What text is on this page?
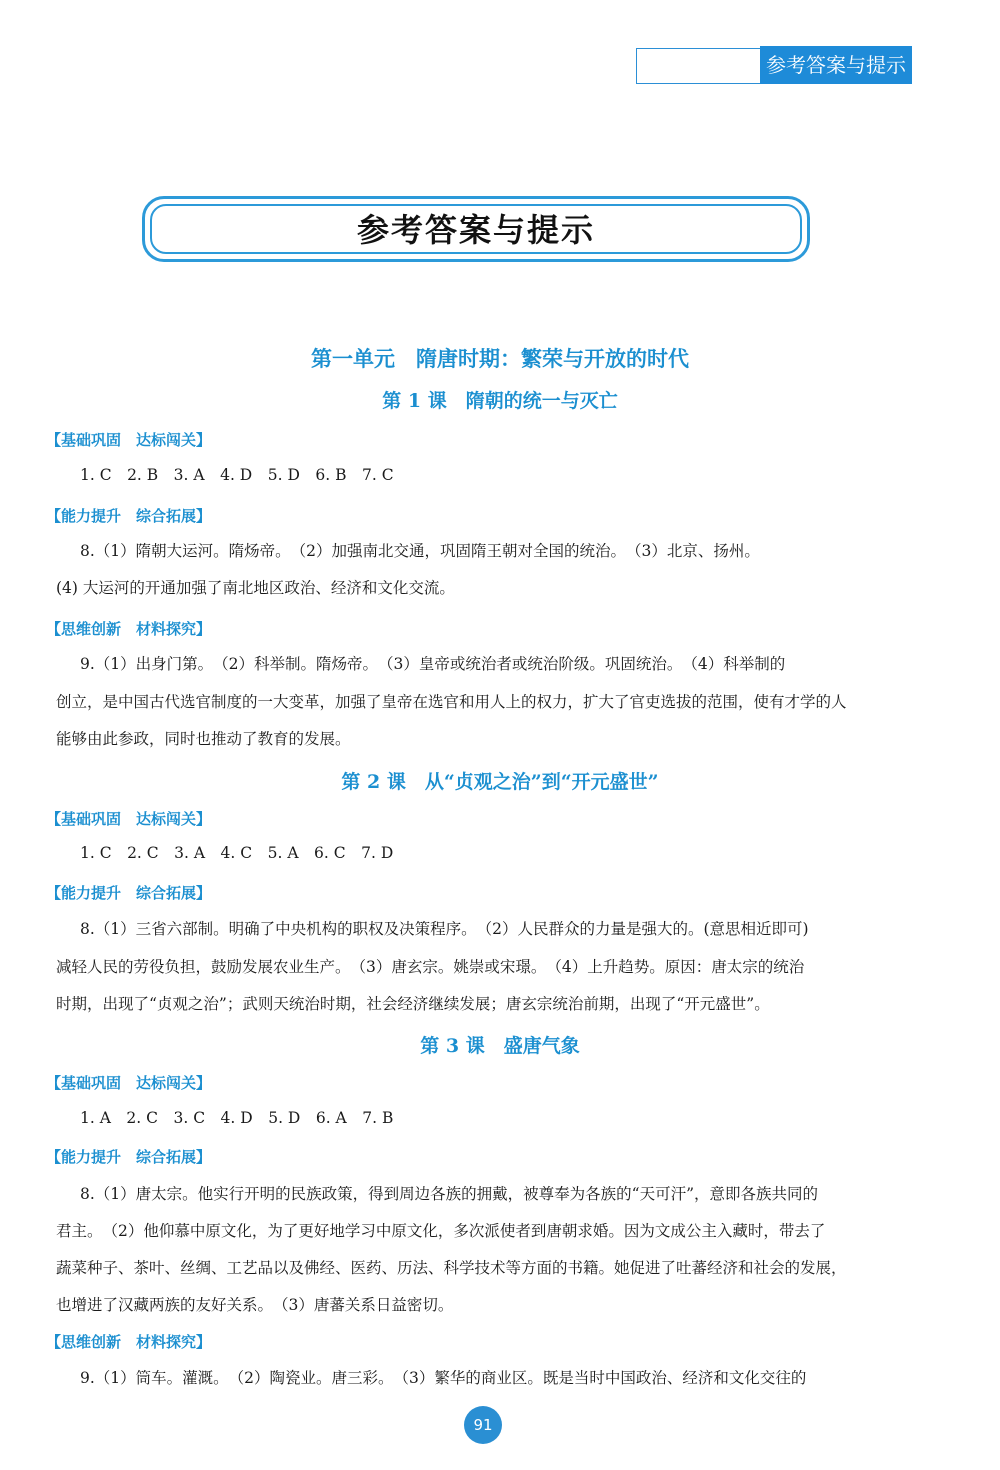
参考答案与提示
参考答案与提示
第一单元　隋唐时期：繁荣与开放的时代
第 1 课　隋朝的统一与灭亡
【基础巩固　达标闯关】
1. C　2. B　3. A　4. D　5. D　6. B　7. C
【能力提升　综合拓展】
8.（1）隋朝大运河。隋炀帝。　（2）加强南北交通，巩固隋王朝对全国的统治。　（3）北京、扬州。
(4) 大运河的开通加强了南北地区政治、经济和文化交流。
【思维创新　材料探究】
9.（1）出身门第。　（2）科举制。隋炀帝。　（3）皇帝或统治者或统治阶级。巩固统治。　（4）科举制的
创立，是中国古代选官制度的一大变革，加强了皇帝在选官和用人上的权力，扩大了官吏选拔的范围，使有才学的人
能够由此参政，同时也推动了教育的发展。
第 2 课　从“贞观之治”到“开元盛世”
【基础巩固　达标闯关】
1. C　2. C　3. A　4. C　5. A　6. C　7. D
【能力提升　综合拓展】
8.（1）三省六部制。明确了中央机构的职权及决策程序。　（2）人民群众的力量是强大的。(意思相近即可)
减轻人民的劳役负担，鼓励发展农业生产。　（3）唐玄宗。姚崇或宋璟。　（4）上升趋势。原因：唐太宗的统治
时期，出现了“贞观之治”；武则天统治时期，社会经济继续发展；唐玄宗统治前期，出现了“开元盛世”。
第 3 课　盛唐气象
【基础巩固　达标闯关】
1. A　2. C　3. C　4. D　5. D　6. A　7. B
【能力提升　综合拓展】
8.（1）唐太宗。他实行开明的民族政策，得到周边各族的拥戴，被尊奉为各族的“天可汗”，意即各族共同的
君主。　（2）他仰慕中原文化，为了更好地学习中原文化，多次派使者到唐朝求婚。因为文成公主入藏时，带去了
蔬菜种子、茶叶、丝绸、工艺品以及佛经、医药、历法、科学技术等方面的书籍。她促进了吐蕃经济和社会的发展，
也增进了汉藏两族的友好关系。　（3）唐蕃关系日益密切。
【思维创新　材料探究】
9.（1）筒车。灌溉。　（2）陶瓷业。唐三彩。　（3）繁华的商业区。既是当时中国政治、经济和文化交往的
91
